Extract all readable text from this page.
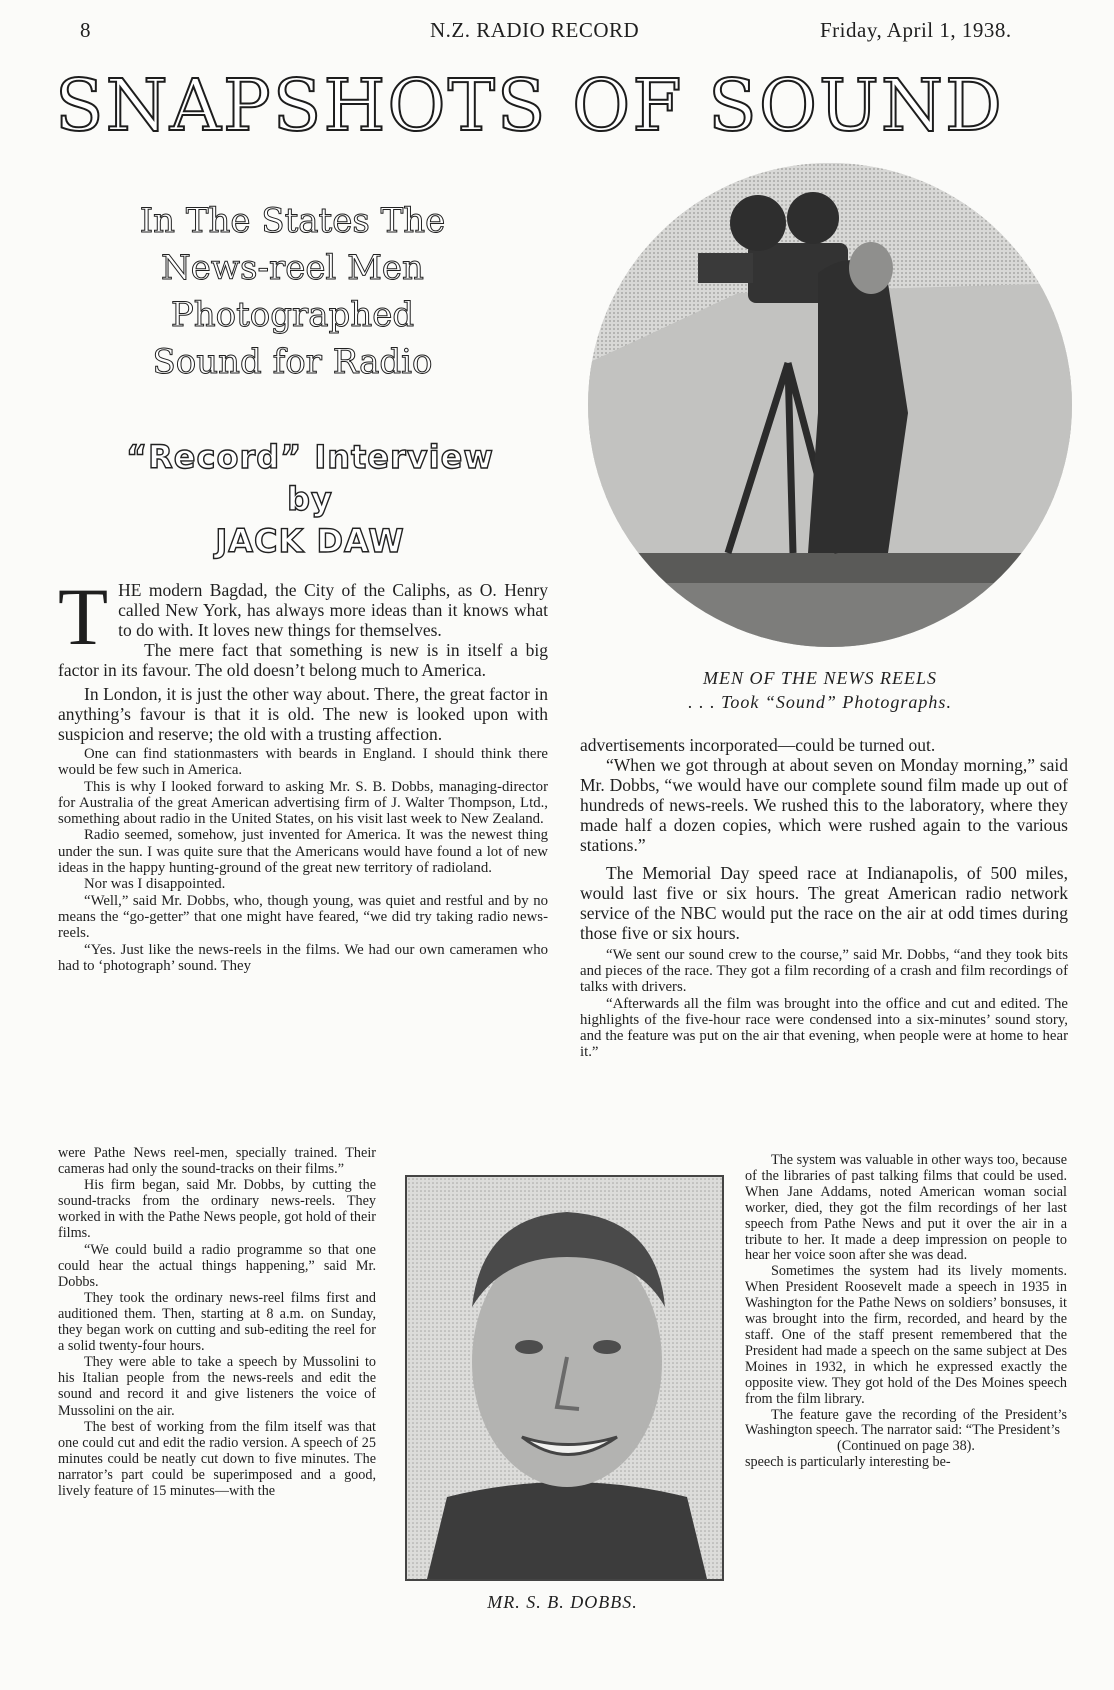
8	N.Z. RADIO RECORD	Friday, April 1, 1938.
SNAPSHOTS OF SOUND
In The States The News-reel Men Photographed Sound for Radio
“Record” Interview by
JACK DAW
MEN OF THE NEWS REELS
. . . Took “Sound” Photographs.

THE modern Bagdad, the City of the Caliphs, as O. Henry called New York, has always more ideas than it knows what to do with. It loves new things for themselves.

The mere fact that something is new is in itself a big factor in its favour. The old doesn’t belong much to America.

In London, it is just the other way about. There, the great factor in anything’s favour is that it is old. The new is looked upon with suspicion and reserve; the old with a trusting affection.

One can find stationmasters with beards in England. I should think there would be few such in America.

This is why I looked forward to asking Mr. S. B. Dobbs, managing-director for Australia of the great American advertising firm of J. Walter Thompson, Ltd., something about radio in the United States, on his visit last week to New Zealand.

Radio seemed, somehow, just invented for America. It was the newest thing under the sun. I was quite sure that the Americans would have found a lot of new ideas in the happy hunting-ground of the great new territory of radioland.

Nor was I disappointed.

“Well,” said Mr. Dobbs, who, though young, was quiet and restful and by no means the “go-getter” that one might have feared, “we did try taking radio news-reels.

“Yes. Just like the news-reels in the films. We had our own cameramen who had to ‘photograph’ sound. They

were Pathe News reel-men, specially trained. Their cameras had only the sound-tracks on their films.”

His firm began, said Mr. Dobbs, by cutting the sound-tracks from the ordinary news-reels. They worked in with the Pathe News people, got hold of their films.

“We could build a radio programme so that one could hear the actual things happening,” said Mr. Dobbs.

They took the ordinary news-reel films first and auditioned them. Then, starting at 8 a.m. on Sunday, they began work on cutting and sub-editing the reel for a solid twenty-four hours.

They were able to take a speech by Mussolini to his Italian people from the news-reels and edit the sound and record it and give listeners the voice of Mussolini on the air.

The best of working from the film itself was that one could cut and edit the radio version. A speech of 25 minutes could be neatly cut down to five minutes. The narrator’s part could be superimposed and a good, lively feature of 15 minutes—with the

MR. S. B. DOBBS.

advertisements incorporated—could be turned out.

“When we got through at about seven on Monday morning,” said Mr. Dobbs, “we would have our complete sound film made up out of hundreds of news-reels. We rushed this to the laboratory, where they made half a dozen copies, which were rushed again to the various stations.”

The Memorial Day speed race at Indianapolis, of 500 miles, would last five or six hours. The great American radio network service of the NBC would put the race on the air at odd times during those five or six hours.

“We sent our sound crew to the course,” said Mr. Dobbs, “and they took bits and pieces of the race. They got a film recording of a crash and film recordings of talks with drivers.

“Afterwards all the film was brought into the office and cut and edited. The highlights of the five-hour race were condensed into a six-minutes’ sound story, and the feature was put on the air that evening, when people were at home to hear it.”

The system was valuable in other ways too, because of the libraries of past talking films that could be used. When Jane Addams, noted American woman social worker, died, they got the film recordings of her last speech from Pathe News and put it over the air in a tribute to her. It made a deep impression on people to hear her voice soon after she was dead.

Sometimes the system had its lively moments. When President Roosevelt made a speech in 1935 in Washington for the Pathe News on soldiers’ bonsuses, it was brought into the firm, recorded, and heard by the staff. One of the staff present remembered that the President had made a speech on the same subject at Des Moines in 1932, in which he expressed exactly the opposite view. They got hold of the Des Moines speech from the film library.

The feature gave the recording of the President’s Washington speech. The narrator said: “The President’s

(Continued on page 38).

speech is particularly interesting be-
